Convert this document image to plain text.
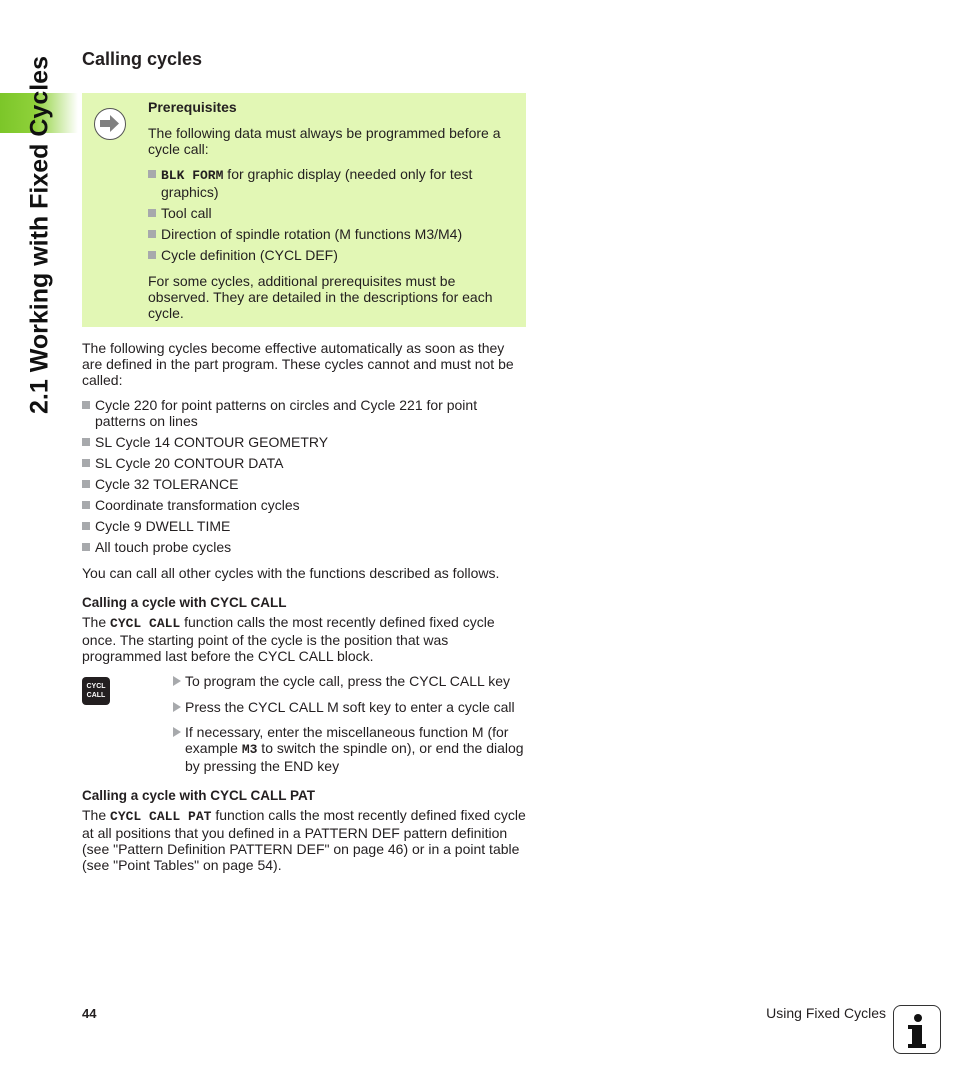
2.1 Working with Fixed Cycles Calling cycles
Prerequisites

The following data must always be programmed before a cycle call:

BLK FORM for graphic display (needed only for test graphics)
Tool call
Direction of spindle rotation (M functions M3/M4)
Cycle definition (CYCL DEF)

For some cycles, additional prerequisites must be observed. They are detailed in the descriptions for each cycle.

The following cycles become effective automatically as soon as they are defined in the part program. These cycles cannot and must not be called:

Cycle 220 for point patterns on circles and Cycle 221 for point patterns on lines
SL Cycle 14 CONTOUR GEOMETRY
SL Cycle 20 CONTOUR DATA
Cycle 32 TOLERANCE
Coordinate transformation cycles
Cycle 9 DWELL TIME
All touch probe cycles

You can call all other cycles with the functions described as follows.

Calling a cycle with CYCL CALL

The CYCL CALL function calls the most recently defined fixed cycle once. The starting point of the cycle is the position that was programmed last before the CYCL CALL block.

CYCL
CALL
To program the cycle call, press the CYCL CALL key
Press the CYCL CALL M soft key to enter a cycle call
If necessary, enter the miscellaneous function M (for example M3 to switch the spindle on), or end the dialog by pressing the END key
Calling a cycle with CYCL CALL PAT

The CYCL CALL PAT function calls the most recently defined fixed cycle at all positions that you defined in a PATTERN DEF pattern definition (see "Pattern Definition PATTERN DEF" on page 46) or in a point table (see "Point Tables" on page 54).

44	Using Fixed Cycles
